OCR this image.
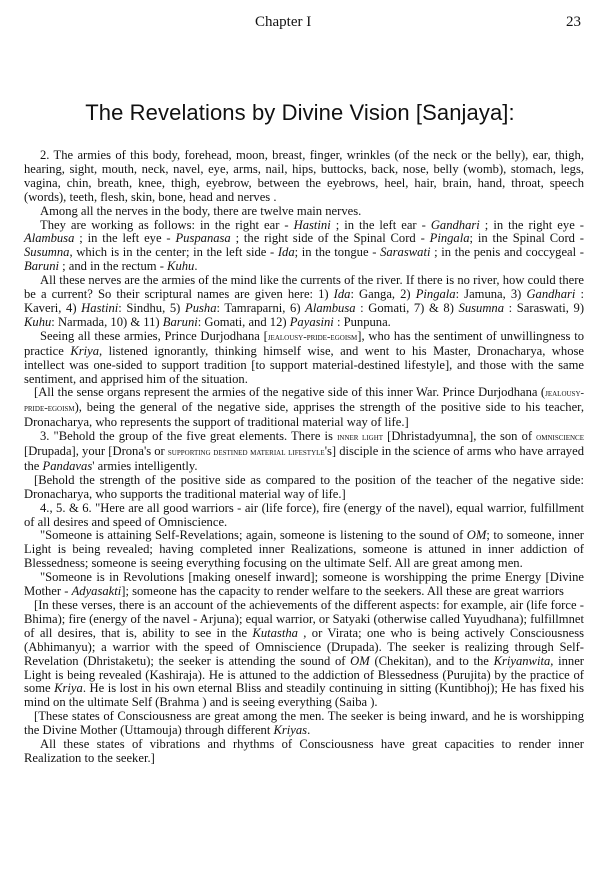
Chapter I	23
The Revelations by Divine Vision [Sanjaya]:

2. The armies of this body, forehead, moon, breast, finger, wrinkles (of the neck or the belly), ear, thigh, hearing, sight, mouth, neck, navel, eye, arms, nail, hips, buttocks, back, nose, belly (womb), stomach, legs, vagina, chin, breath, knee, thigh, eyebrow, between the eyebrows, heel, hair, brain, hand, throat, speech (words), teeth, flesh, skin, bone, head and nerves .

Among all the nerves in the body, there are twelve main nerves.

They are working as follows: in the right ear - Hastini ; in the left ear - Gandhari ; in the right eye - Alambusa ; in the left eye - Puspanasa ; the right side of the Spinal Cord - Pingala; in the Spinal Cord - Susumna, which is in the center; in the left side - Ida; in the tongue - Saraswati ; in the penis and coccygeal - Baruni ; and in the rectum - Kuhu.

All these nerves are the armies of the mind like the currents of the river. If there is no river, how could there be a current? So their scriptural names are given here: 1) Ida: Ganga, 2) Pingala: Jamuna, 3) Gandhari : Kaveri, 4) Hastini: Sindhu, 5) Pusha: Tamraparni, 6) Alambusa : Gomati, 7) & 8) Susumna : Saraswati, 9) Kuhu: Narmada, 10) & 11) Baruni: Gomati, and 12) Payasini : Punpuna.

Seeing all these armies, Prince Durjodhana [jealousy-pride-egoism], who has the sentiment of unwillingness to practice Kriya, listened ignorantly, thinking himself wise, and went to his Master, Dronacharya, whose intellect was one-sided to support tradition [to support material-destined lifestyle], and those with the same sentiment, and apprised him of the situation.

[All the sense organs represent the armies of the negative side of this inner War. Prince Durjodhana (jealousy-pride-egoism), being the general of the negative side, apprises the strength of the positive side to his teacher, Dronacharya, who represents the support of traditional material way of life.]

3. "Behold the group of the five great elements. There is inner light [Dhristadyumna], the son of omniscience [Drupada], your [Drona's or supporting destined material lifestyle's] disciple in the science of arms who have arrayed the Pandavas' armies intelligently.

[Behold the strength of the positive side as compared to the position of the teacher of the negative side: Dronacharya, who supports the traditional material way of life.]

4., 5. & 6. "Here are all good warriors - air (life force), fire (energy of the navel), equal warrior, fulfillment of all desires and speed of Omniscience.

"Someone is attaining Self-Revelations; again, someone is listening to the sound of OM; to someone, inner Light is being revealed; having completed inner Realizations, someone is attuned in inner addiction of Blessedness; someone is seeing everything focusing on the ultimate Self. All are great among men.

"Someone is in Revolutions [making oneself inward]; someone is worshipping the prime Energy [Divine Mother - Adyasakti]; someone has the capacity to render welfare to the seekers. All these are great warriors

[In these verses, there is an account of the achievements of the different aspects: for example, air (life force - Bhima); fire (energy of the navel - Arjuna); equal warrior, or Satyaki (otherwise called Yuyudhana); fulfillmnet of all desires, that is, ability to see in the Kutastha , or Virata; one who is being actively Consciousness (Abhimanyu); a warrior with the speed of Omniscience (Drupada). The seeker is realizing through Self-Revelation (Dhristaketu); the seeker is attending the sound of OM (Chekitan), and to the Kriyanwita, inner Light is being revealed (Kashiraja). He is attuned to the addiction of Blessedness (Purujita) by the practice of some Kriya. He is lost in his own eternal Bliss and steadily continuing in sitting (Kuntibhoj); He has fixed his mind on the ultimate Self (Brahma ) and is seeing everything (Saiba ).

[These states of Consciousness are great among the men. The seeker is being inward, and he is worshipping the Divine Mother (Uttamouja) through different Kriyas.

All these states of vibrations and rhythms of Consciousness have great capacities to render inner Realization to the seeker.]
